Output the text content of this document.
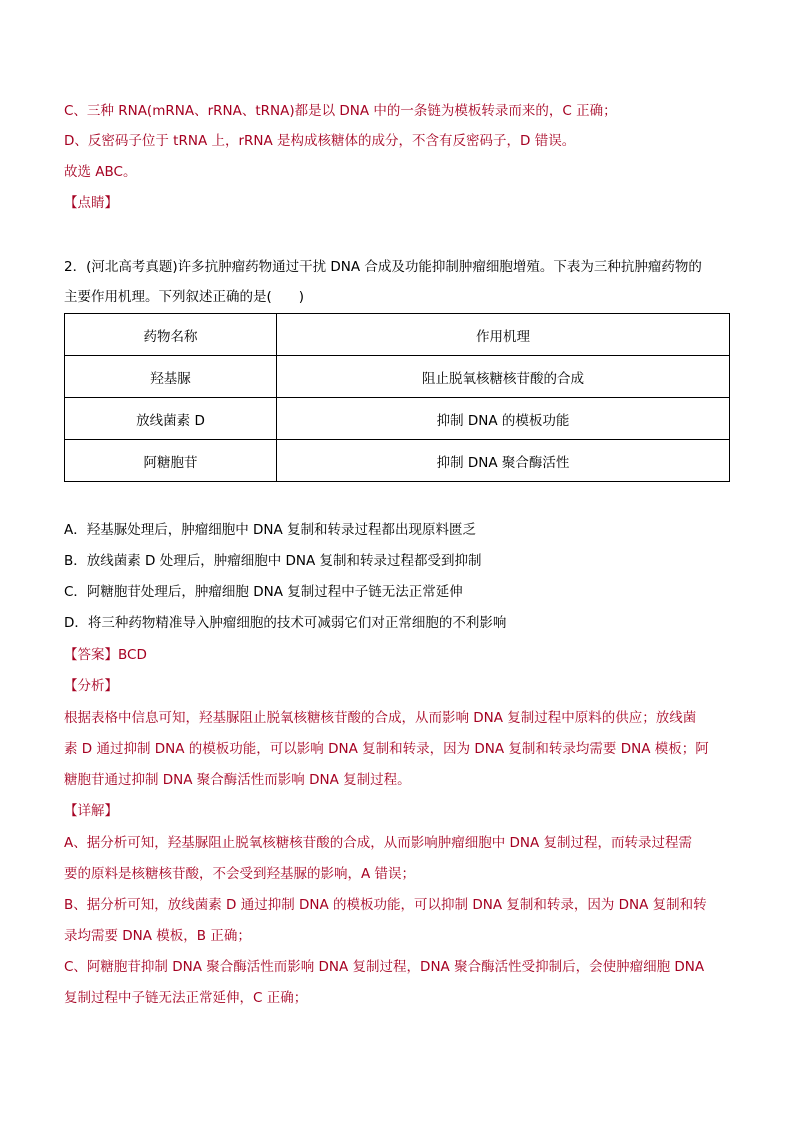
C、三种 RNA(mRNA、rRNA、tRNA)都是以 DNA 中的一条链为模板转录而来的，C 正确；
D、反密码子位于 tRNA 上，rRNA 是构成核糖体的成分，不含有反密码子，D 错误。
故选 ABC。
【点睛】
2．(河北高考真题)许多抗肿瘤药物通过干扰 DNA 合成及功能抑制肿瘤细胞增殖。下表为三种抗肿瘤药物的
主要作用机理。下列叙述正确的是(　　)
药物名称	作用机理
羟基脲	阻止脱氧核糖核苷酸的合成
放线菌素 D	抑制 DNA 的模板功能
阿糖胞苷	抑制 DNA 聚合酶活性
A．羟基脲处理后，肿瘤细胞中 DNA 复制和转录过程都出现原料匮乏
B．放线菌素 D 处理后，肿瘤细胞中 DNA 复制和转录过程都受到抑制
C．阿糖胞苷处理后，肿瘤细胞 DNA 复制过程中子链无法正常延伸
D．将三种药物精准导入肿瘤细胞的技术可减弱它们对正常细胞的不利影响
【答案】BCD
【分析】
根据表格中信息可知，羟基脲阻止脱氧核糖核苷酸的合成，从而影响 DNA 复制过程中原料的供应；放线菌
素 D 通过抑制 DNA 的模板功能，可以影响 DNA 复制和转录，因为 DNA 复制和转录均需要 DNA 模板；阿
糖胞苷通过抑制 DNA 聚合酶活性而影响 DNA 复制过程。
【详解】
A、据分析可知，羟基脲阻止脱氧核糖核苷酸的合成，从而影响肿瘤细胞中 DNA 复制过程，而转录过程需
要的原料是核糖核苷酸，不会受到羟基脲的影响，A 错误；
B、据分析可知，放线菌素 D 通过抑制 DNA 的模板功能，可以抑制 DNA 复制和转录，因为 DNA 复制和转
录均需要 DNA 模板，B 正确；
C、阿糖胞苷抑制 DNA 聚合酶活性而影响 DNA 复制过程，DNA 聚合酶活性受抑制后，会使肿瘤细胞 DNA
复制过程中子链无法正常延伸，C 正确；
